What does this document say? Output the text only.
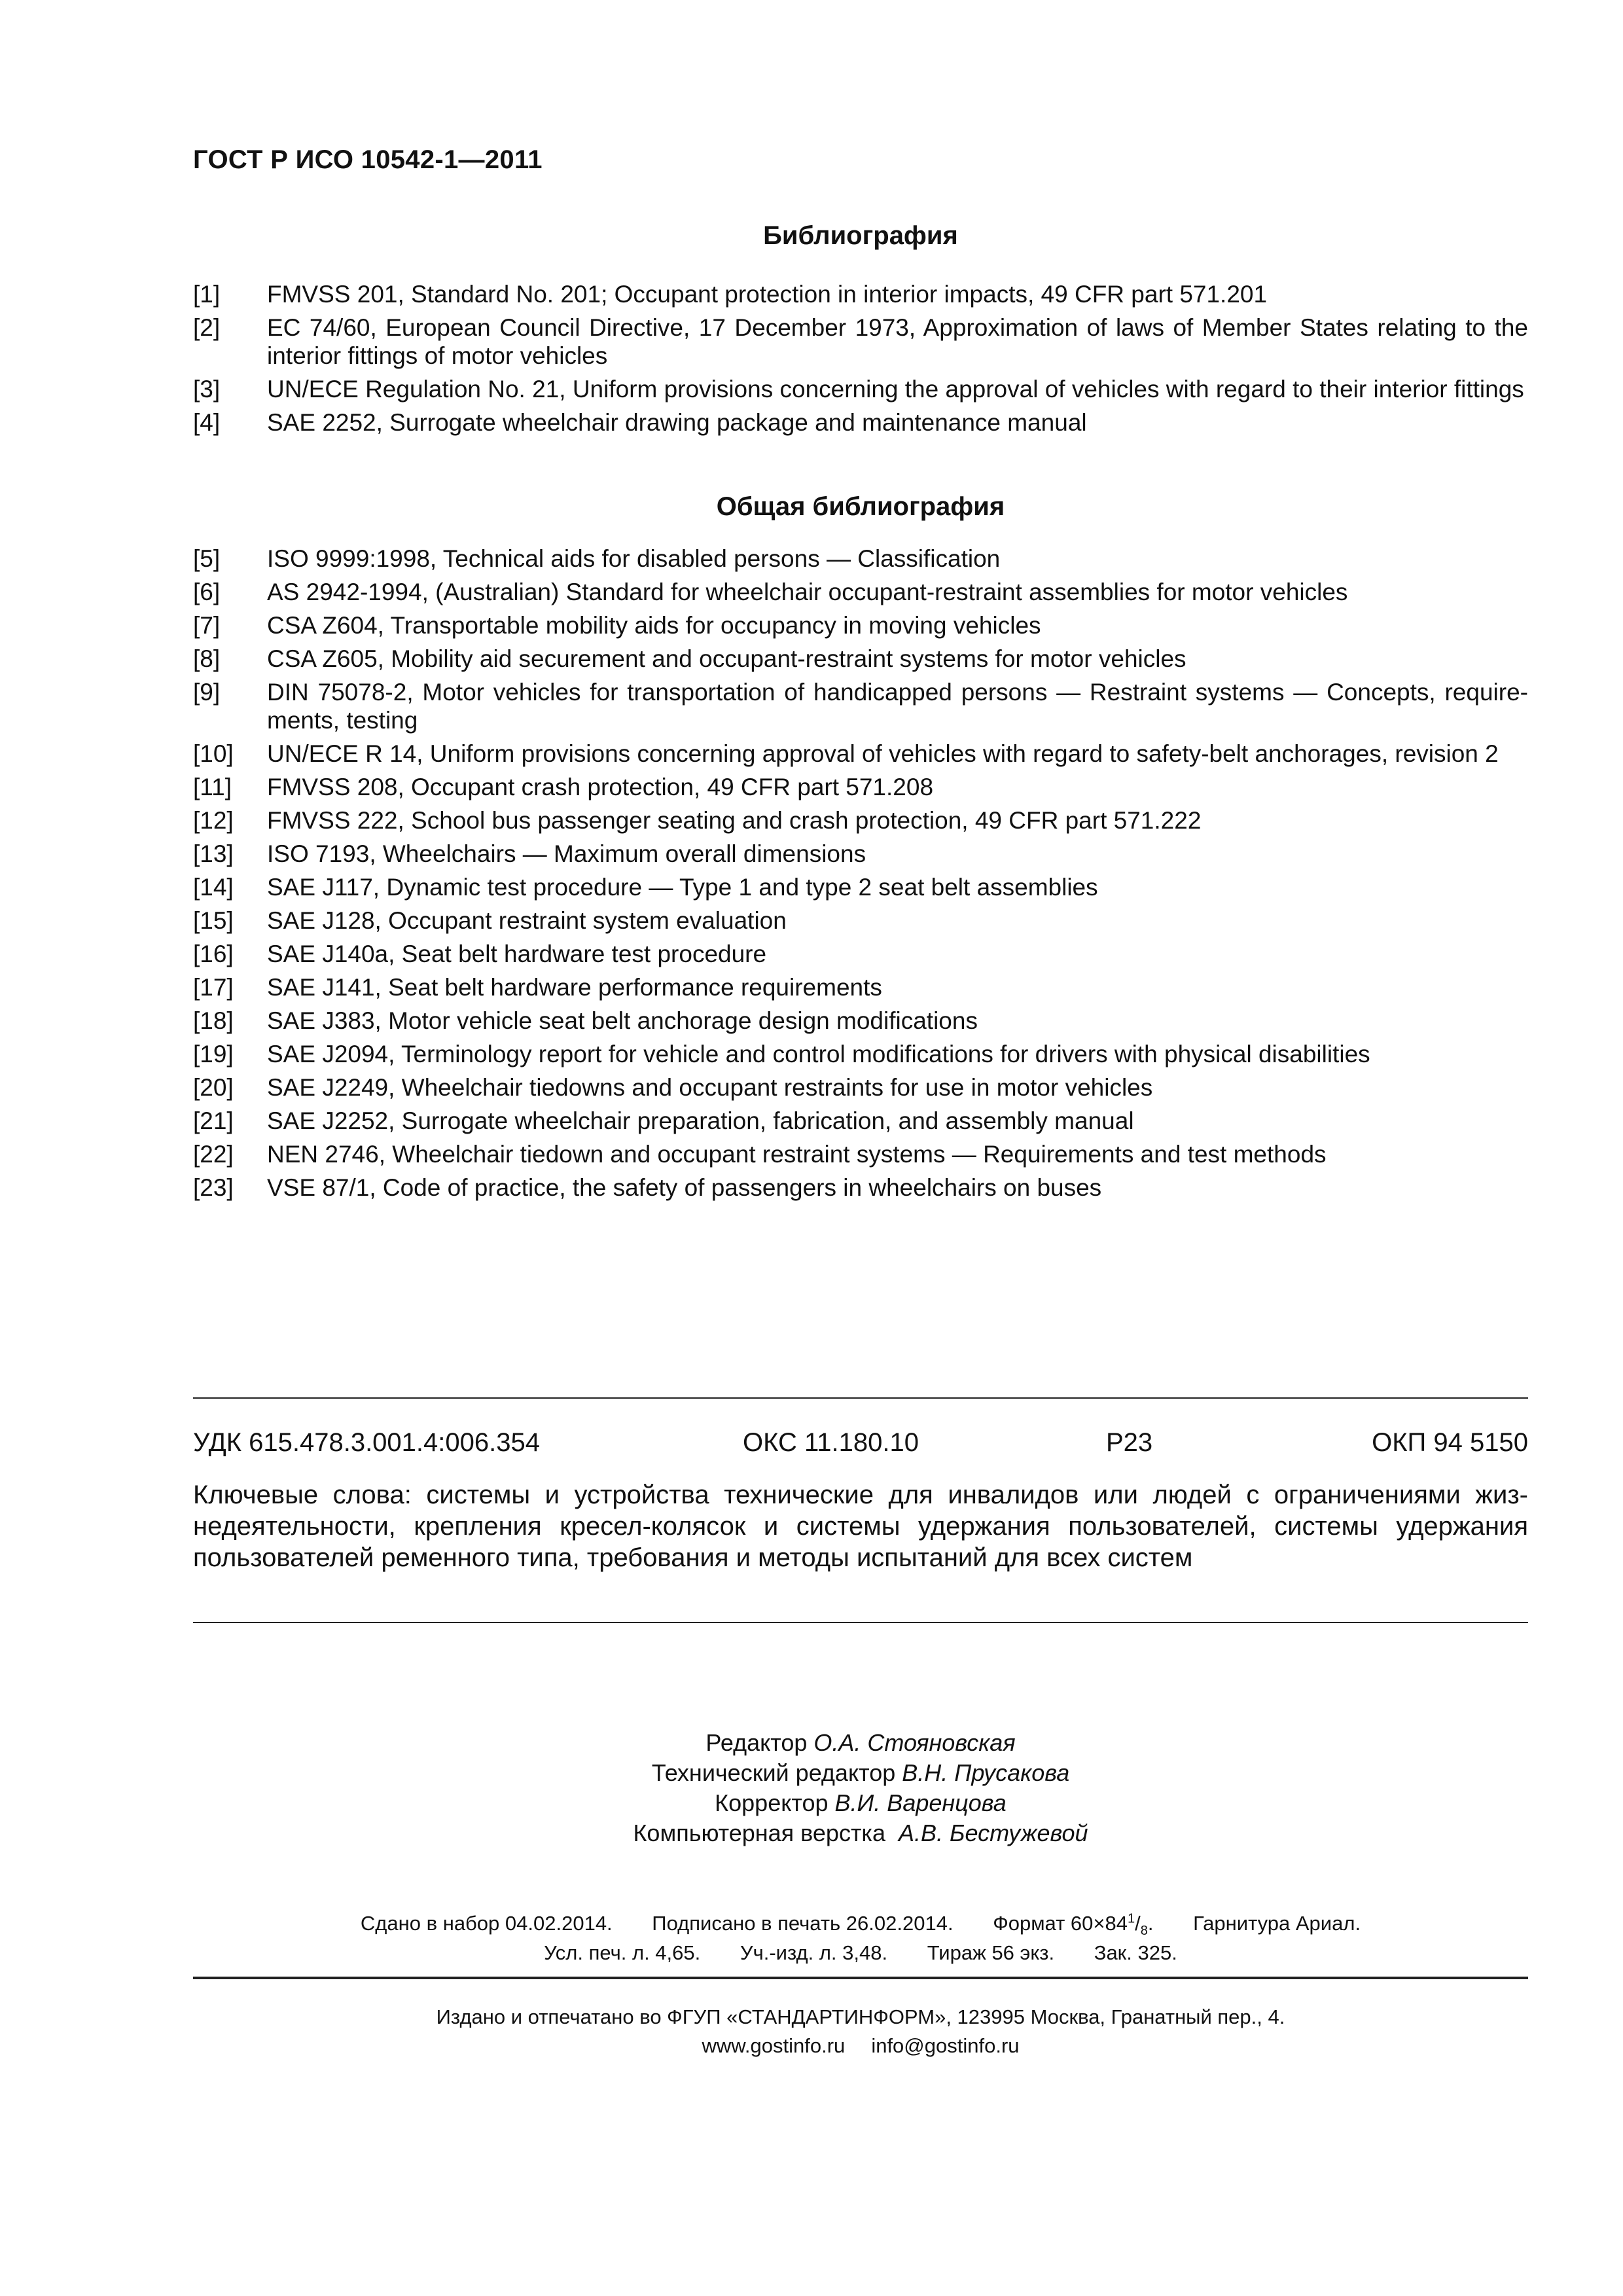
ГОСТ Р ИСО 10542-1—2011
Библиография
[1]	FMVSS 201, Standard No. 201; Occupant protection in interior impacts, 49 CFR part 571.201
[2]	EC 74/60, European Council Directive, 17 December 1973, Approximation of laws of Member States relating to the interior fittings of motor vehicles
[3]	UN/ECE Regulation No. 21, Uniform provisions concerning the approval of vehicles with regard to their interior fittings
[4]	SAE 2252, Surrogate wheelchair drawing package and maintenance manual
Общая библиография
[5]	ISO 9999:1998, Technical aids for disabled persons — Classification
[6]	AS 2942-1994, (Australian) Standard for wheelchair occupant-restraint assemblies for motor vehicles
[7]	CSA Z604, Transportable mobility aids for occupancy in moving vehicles
[8]	CSA Z605, Mobility aid securement and occupant-restraint systems for motor vehicles
[9]	DIN 75078-2, Motor vehicles for transportation of handicapped persons — Restraint systems — Concepts, requirements, testing
[10]	UN/ECE R 14, Uniform provisions concerning approval of vehicles with regard to safety-belt anchorages, revision 2
[11]	FMVSS 208, Occupant crash protection, 49 CFR part 571.208
[12]	FMVSS 222, School bus passenger seating and crash protection, 49 CFR part 571.222
[13]	ISO 7193, Wheelchairs — Maximum overall dimensions
[14]	SAE J117, Dynamic test procedure — Type 1 and type 2 seat belt assemblies
[15]	SAE J128, Occupant restraint system evaluation
[16]	SAE J140a, Seat belt hardware test procedure
[17]	SAE J141, Seat belt hardware performance requirements
[18]	SAE J383, Motor vehicle seat belt anchorage design modifications
[19]	SAE J2094, Terminology report for vehicle and control modifications for drivers with physical disabilities
[20]	SAE J2249, Wheelchair tiedowns and occupant restraints for use in motor vehicles
[21]	SAE J2252, Surrogate wheelchair preparation, fabrication, and assembly manual
[22]	NEN 2746, Wheelchair tiedown and occupant restraint systems — Requirements and test methods
[23]	VSE 87/1, Code of practice, the safety of passengers in wheelchairs on buses
УДК 615.478.3.001.4:006.354	ОКС 11.180.10	Р23	ОКП 94 5150
Ключевые слова: системы и устройства технические для инвалидов или людей с ограничениями жизнедеятельности, крепления кресел-колясок и системы удержания пользователей, системы удержания пользователей ременного типа, требования и методы испытаний для всех систем
Редактор О.А. Стояновская
Технический редактор В.Н. Прусакова
Корректор В.И. Варенцова
Компьютерная верстка А.В. Бестужевой
Сдано в набор 04.02.2014. Подписано в печать 26.02.2014. Формат $60\times 84^1/_8$. Гарнитура Ариал.
Усл. печ. л. 4,65. Уч.-изд. л. 3,48. Тираж 56 экз. Зак. 325.
Издано и отпечатано во ФГУП «СТАНДАРТИНФОРМ», 123995 Москва, Гранатный пер., 4.
www.gostinfo.ru info@gostinfo.ru
